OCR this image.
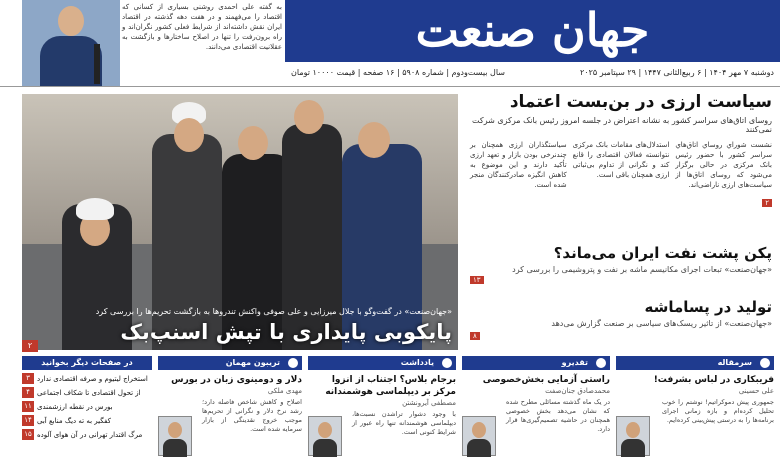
به گفته علی احمدی روشنی بسیاری از کسانی که اقتصاد را می‌فهمند و در هفت دهه گذشته در اقتصاد ایران نقش داشته‌اند از شرایط فعلی کشور نگران‌اند و راه برون‌رفت را تنها در اصلاح ساختارها و بازگشت به عقلانیت اقتصادی می‌دانند.	جهان صنعت
دوشنبه ۷ مهر ۱۴۰۴ | ۶ ربیع‌الثانی ۱۴۴۷ | ۲۹ سپتامبر ۲۰۲۵
سال بیست‌ودوم | شماره ۵۹۰۸ | ۱۶ صفحه | قیمت ۱۰۰۰۰ تومان
«جهان‌صنعت» در گفت‌وگو با جلال میرزایی و علی صوفی واکنش تندروها به بازگشت تحریم‌ها را بررسی کرد
پایکوبی پایداری با تپش اسنپ‌بک
۲
سیاست ارزی در بن‌بست اعتماد
روسای اتاق‌های سراسر کشور به نشانه اعتراض در جلسه امروز رئیس بانک مرکزی شرکت نمی‌کنند
نشست شوراي روساي اتاق‌هاي سراسر كشور با حضور رئيس بانک مرکزی در حالی برگزار می‌شود که روسای اتاق‌ها از سیاست‌های ارزی ناراضی‌اند.
استدلال‌های مقامات بانک مرکزی نتوانسته فعالان اقتصادی را قانع کند و نگرانی از تداوم بی‌ثباتی ارزی همچنان باقی است.
سیاستگذاران ارزی همچنان بر چندنرخی بودن بازار و تعهد ارزی تأکید دارند و این موضوع به کاهش انگیزه صادرکنندگان منجر شده است.
۲
پکن پشت نفت ایران می‌ماند؟

«جهان‌صنعت» تبعات اجرای مکانیسم ماشه بر نفت و پتروشیمی را بررسی کرد

۱۳
تولید در پساماشه

«جهان‌صنعت» از تاثیر ریسک‌های سیاسی بر صنعت گزارش می‌دهد

۸
سرمقاله
فریبکاری در لباس بشرفت!
علی حسینی
جمهوری پیش دموکراتیم! نوشتم را خوب تحلیل کرده‌ام و بازه زمانی اجرای برنامه‌ها را به درستی پیش‌بینی کرده‌ایم.
تقدیرو
راستی آزمایی بخش‌خصوصی
محمدصادق جنان‌صفت
در یک ماه گذشته مسائلی مطرح شده که نشان می‌دهد بخش خصوصی همچنان در حاشیه تصمیم‌گیری‌ها قرار دارد.
یادداشت
برجام بلاس؟ اجتناب از انزوا مرکز بر دیپلماسی هوشمندانه
مصطفی آیرونشتن
با وجود دشوار تراشدن نسبت‌ها، دیپلماسی هوشمندانه تنها راه عبور از شرایط کنونی است.
تریبون مهمان
دلار و دومینوی زبان در بورس
مهدی ملکی
اصلاح و کاهش شاخص فاصله دارد؛ رشد نرخ دلار و نگرانی از تحریم‌ها موجب خروج نقدینگی از بازار سرمایه شده است.
در صفحات دیگر بخوانید
استخراج لیتیوم و صرفه اقتصادی ندارد
۳
از تحول اقتصادی تا شکاف اجتماعی
۴
بورس در نقطه ارزشمندی
۱۱
کفگیر به ته دیگ منابع آبی
۱۴
مرگ اقتدار تهرانی در آن هوای آلوده
۱۵
